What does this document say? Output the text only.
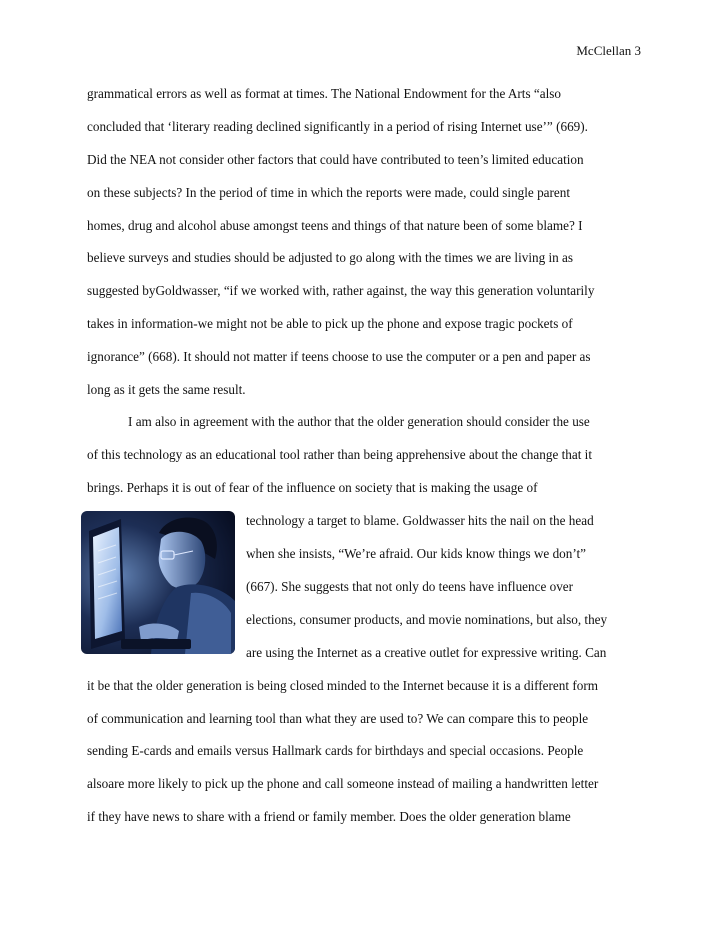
McClellan 3
grammatical errors as well as format at times. The National Endowment for the Arts “also
concluded that ‘literary reading declined significantly in a period of rising Internet use’” (669).
Did the NEA not consider other factors that could have contributed to teen’s limited education
on these subjects? In the period of time in which the reports were made, could single parent
homes, drug and alcohol abuse amongst teens and things of that nature been of some blame? I
believe surveys and studies should be adjusted to go along with the times we are living in as
suggested byGoldwasser, “if we worked with, rather against, the way this generation voluntarily
takes in information-we might not be able to pick up the phone and expose tragic pockets of
ignorance” (668). It should not matter if teens choose to use the computer or a pen and paper as
long as it gets the same result.
I am also in agreement with the author that the older generation should consider the use
of this technology as an educational tool rather than being apprehensive about the change that it
brings. Perhaps it is out of fear of the influence on society that is making the usage of
technology a target to blame. Goldwasser hits the nail on the head
when she insists, “We’re afraid. Our kids know things we don’t”
(667). She suggests that not only do teens have influence over
elections, consumer products, and movie nominations, but also, they
are using the Internet as a creative outlet for expressive writing. Can
it be that the older generation is being closed minded to the Internet because it is a different form
of communication and learning tool than what they are used to? We can compare this to people
sending E-cards and emails versus Hallmark cards for birthdays and special occasions. People
alsoare more likely to pick up the phone and call someone instead of mailing a handwritten letter
if they have news to share with a friend or family member. Does the older generation blame
